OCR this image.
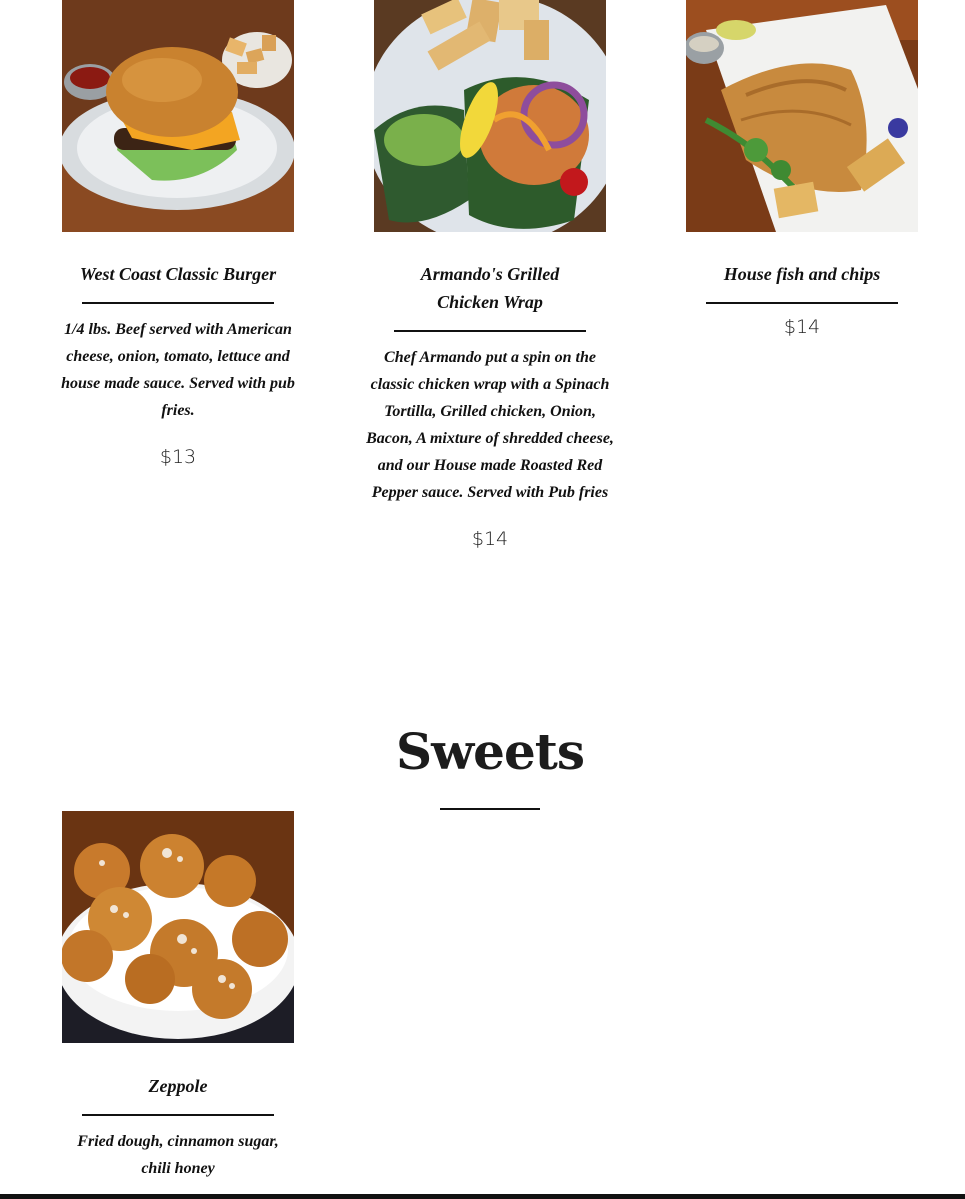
West Coast Classic Burger

1/4 lbs. Beef served with American cheese, onion, tomato, lettuce and house made sauce. Served with pub fries.

$13

Armando's Grilled Chicken Wrap

Chef Armando put a spin on the classic chicken wrap with a Spinach Tortilla, Grilled chicken, Onion, Bacon, A mixture of shredded cheese, and our House made Roasted Red Pepper sauce. Served with Pub fries

$14

House fish and chips

$14
Sweets

Zeppole

Fried dough, cinnamon sugar, chili honey
